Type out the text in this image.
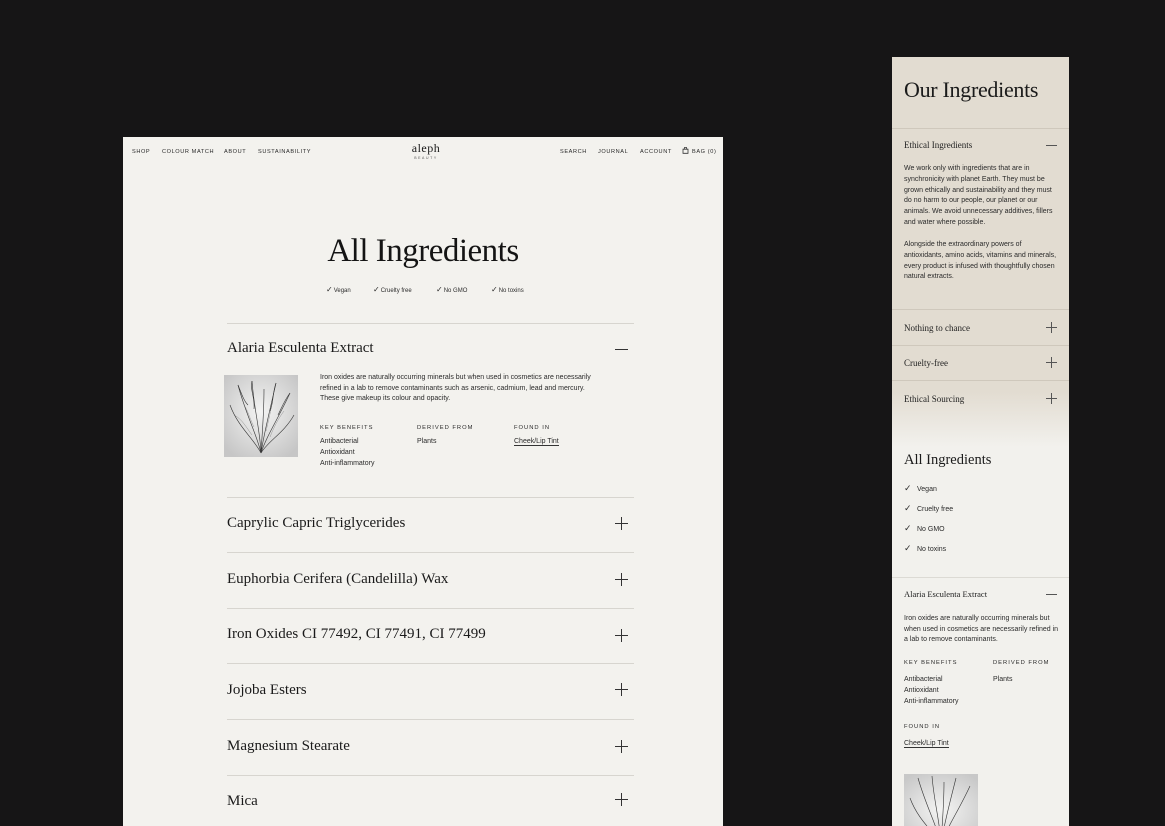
SHOP COLOUR MATCH ABOUT SUSTAINABILITY	aleph
BEAUTY
SEARCH JOURNAL ACCOUNT	BAG (0)
All Ingredients
✓Vegan	✓Cruelty free	✓No GMO	✓No toxins
Alaria Esculenta Extract
Iron oxides are naturally occurring minerals but when used in cosmetics are necessarily refined in a lab to remove contaminants such as arsenic, cadmium, lead and mercury. These give makeup its colour and opacity.
KEY BENEFITS
Antibacterial
Antioxidant
Anti-inflammatory
DERIVED FROM
Plants
FOUND IN
Cheek/Lip Tint
Caprylic Capric Triglycerides
Euphorbia Cerifera (Candelilla) Wax
Iron Oxides CI 77492, CI 77491, CI 77499
Jojoba Esters
Magnesium Stearate
Mica
Our Ingredients
Ethical Ingredients
We work only with ingredients that are in synchronicity with planet Earth. They must be grown ethically and sustainability and they must do no harm to our people, our planet or our animals. We avoid unnecessary additives, fillers and water where possible.
Alongside the extraordinary powers of antioxidants, amino acids, vitamins and minerals, every product is infused with thoughtfully chosen natural extracts.
Nothing to chance
Cruelty-free
Ethical Sourcing
All Ingredients
✓ Vegan
✓ Cruelty free
✓ No GMO
✓ No toxins
Alaria Esculenta Extract
Iron oxides are naturally occurring minerals but when used in cosmetics are necessarily refined in a lab to remove contaminants.
KEY BENEFITS
Antibacterial
Antioxidant
Anti-inflammatory
DERIVED FROM
Plants
FOUND IN
Cheek/Lip Tint
